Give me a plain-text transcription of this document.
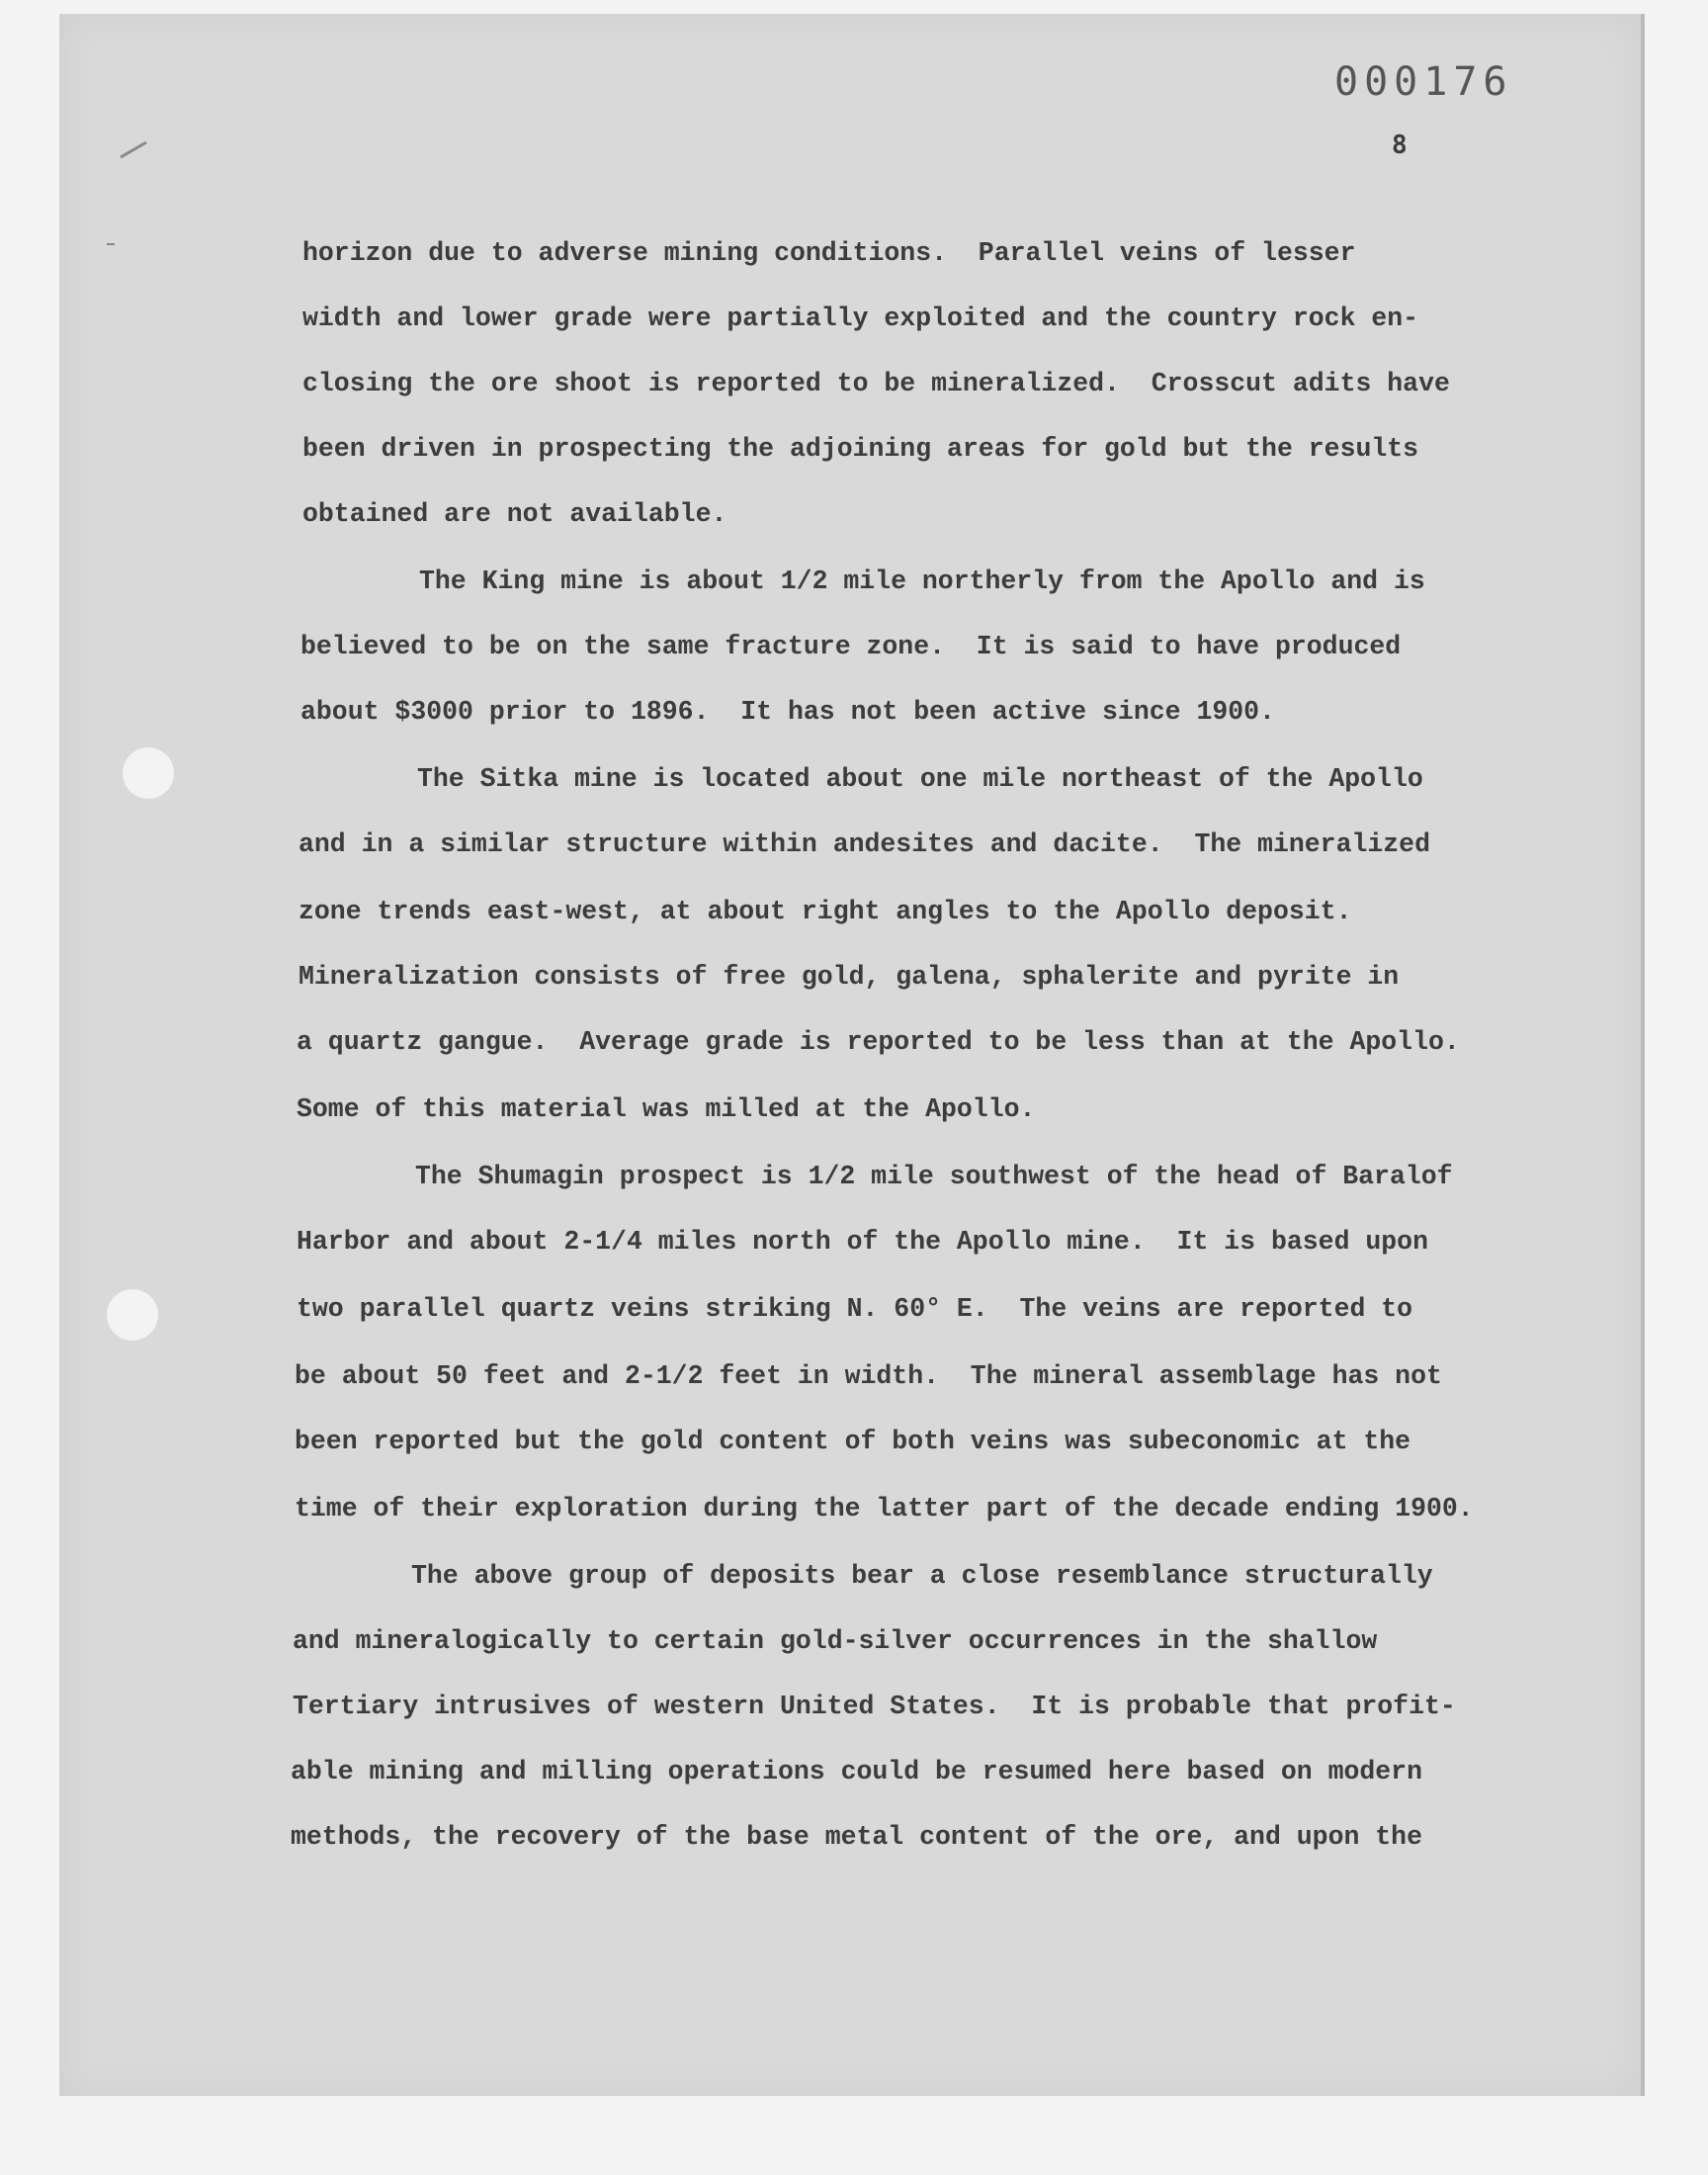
000176
8
horizon due to adverse mining conditions.  Parallel veins of lesser
width and lower grade were partially exploited and the country rock en-
closing the ore shoot is reported to be mineralized.  Crosscut adits have
been driven in prospecting the adjoining areas for gold but the results
obtained are not available.
The King mine is about 1/2 mile northerly from the Apollo and is
believed to be on the same fracture zone.  It is said to have produced
about $3000 prior to 1896.  It has not been active since 1900.
The Sitka mine is located about one mile northeast of the Apollo
and in a similar structure within andesites and dacite.  The mineralized
zone trends east-west, at about right angles to the Apollo deposit.
Mineralization consists of free gold, galena, sphalerite and pyrite in
a quartz gangue.  Average grade is reported to be less than at the Apollo.
Some of this material was milled at the Apollo.
The Shumagin prospect is 1/2 mile southwest of the head of Baralof
Harbor and about 2-1/4 miles north of the Apollo mine.  It is based upon
two parallel quartz veins striking N. 60° E.  The veins are reported to
be about 50 feet and 2-1/2 feet in width.  The mineral assemblage has not
been reported but the gold content of both veins was subeconomic at the
time of their exploration during the latter part of the decade ending 1900.
The above group of deposits bear a close resemblance structurally
and mineralogically to certain gold-silver occurrences in the shallow
Tertiary intrusives of western United States.  It is probable that profit-
able mining and milling operations could be resumed here based on modern
methods, the recovery of the base metal content of the ore, and upon the
